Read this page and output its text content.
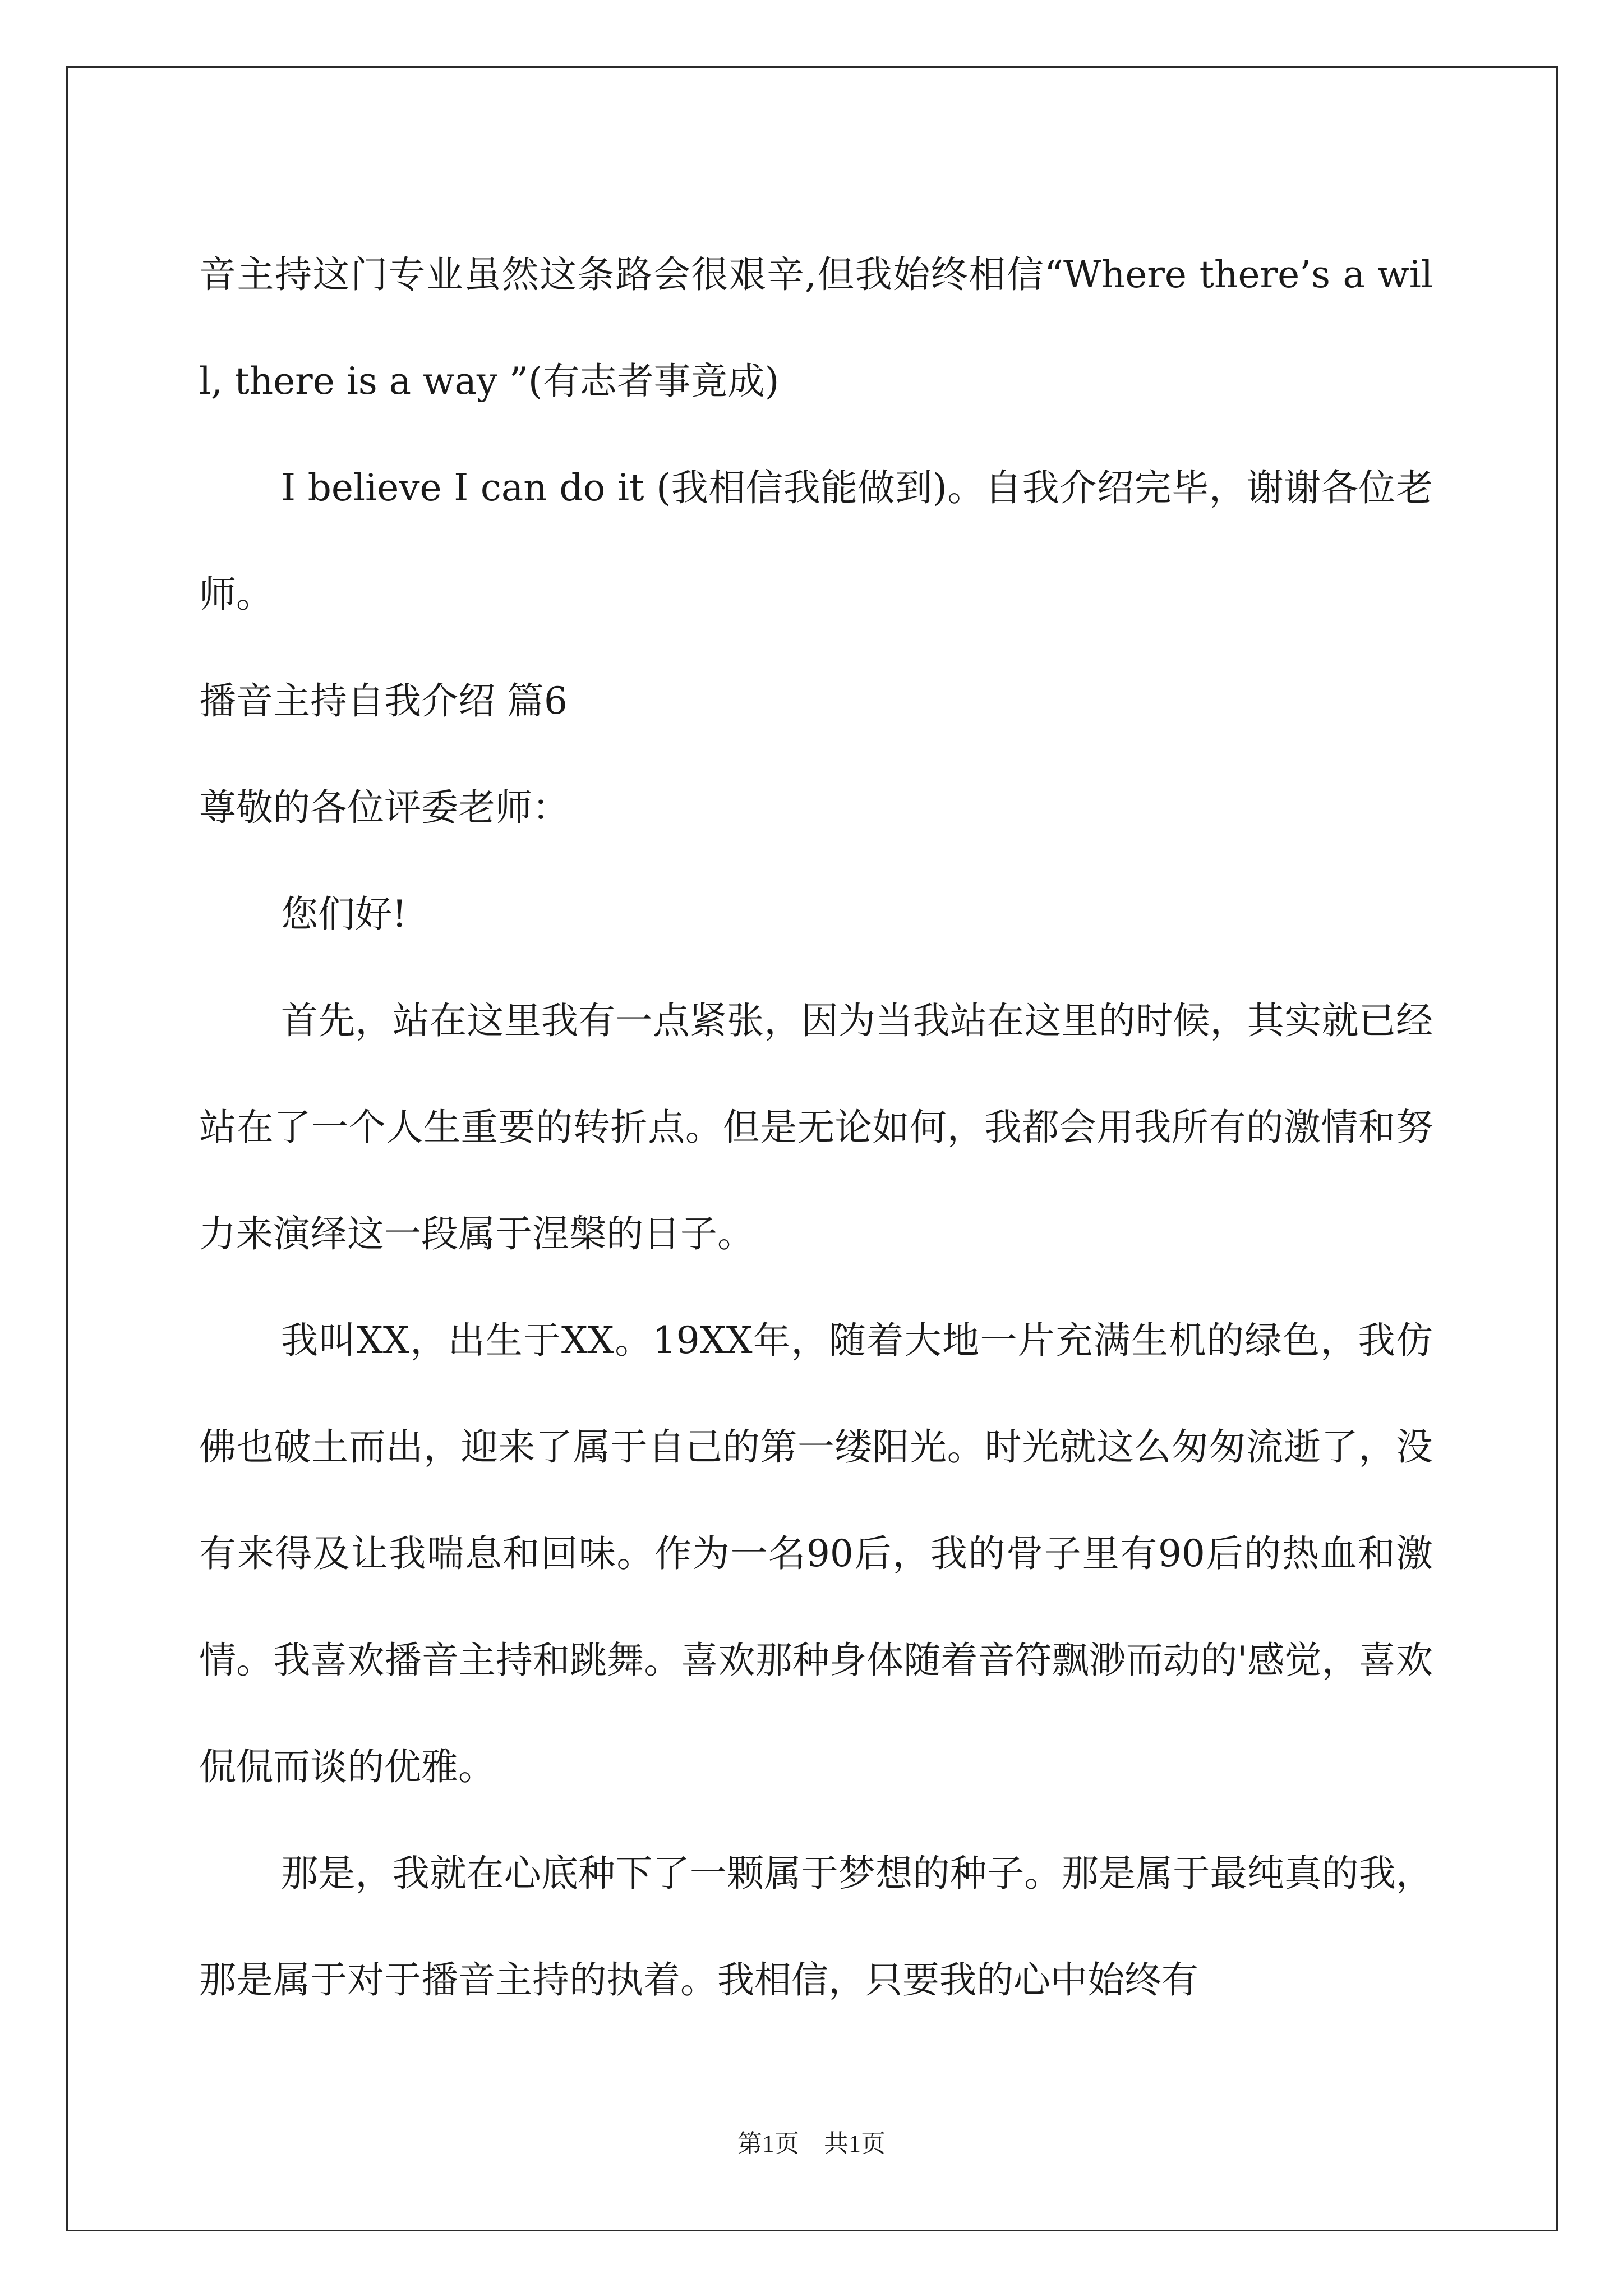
音主持这门专业虽然这条路会很艰辛,但我始终相信“Where there’s a will, there is a way ”(有志者事竟成)

I believe I can do it (我相信我能做到)。自我介绍完毕，谢谢各位老师。

播音主持自我介绍 篇6

尊敬的各位评委老师：

您们好!

首先，站在这里我有一点紧张，因为当我站在这里的时候，其实就已经站在了一个人生重要的转折点。但是无论如何，我都会用我所有的激情和努力来演绎这一段属于涅槃的日子。

我叫XX，出生于XX。19XX年，随着大地一片充满生机的绿色，我仿佛也破土而出，迎来了属于自己的第一缕阳光。时光就这么匆匆流逝了，没有来得及让我喘息和回味。作为一名90后，我的骨子里有90后的热血和激情。我喜欢播音主持和跳舞。喜欢那种身体随着音符飘渺而动的'感觉，喜欢侃侃而谈的优雅。

那是，我就在心底种下了一颗属于梦想的种子。那是属于最纯真的我，那是属于对于播音主持的执着。我相信，只要我的心中始终有

第1页　共1页
